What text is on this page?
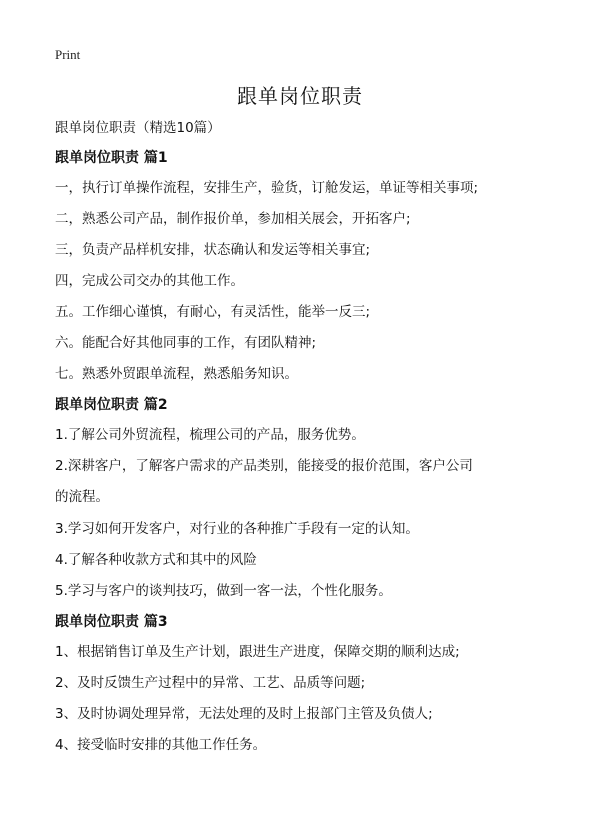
Print
跟单岗位职责

跟单岗位职责（精选10篇）

跟单岗位职责 篇1

一，执行订单操作流程，安排生产，验货，订舱发运，单证等相关事项;

二，熟悉公司产品，制作报价单，参加相关展会，开拓客户;

三，负责产品样机安排，状态确认和发运等相关事宜;

四，完成公司交办的其他工作。

五。工作细心谨慎，有耐心，有灵活性，能举一反三;

六。能配合好其他同事的工作，有团队精神;

七。熟悉外贸跟单流程，熟悉船务知识。

跟单岗位职责 篇2

1.了解公司外贸流程，梳理公司的产品，服务优势。

2.深耕客户，了解客户需求的产品类别，能接受的报价范围，客户公司的流程。

3.学习如何开发客户，对行业的各种推广手段有一定的认知。

4.了解各种收款方式和其中的风险

5.学习与客户的谈判技巧，做到一客一法，个性化服务。

跟单岗位职责 篇3

1、根据销售订单及生产计划，跟进生产进度，保障交期的顺利达成;

2、及时反馈生产过程中的异常、工艺、品质等问题;

3、及时协调处理异常，无法处理的及时上报部门主管及负债人;

4、接受临时安排的其他工作任务。
